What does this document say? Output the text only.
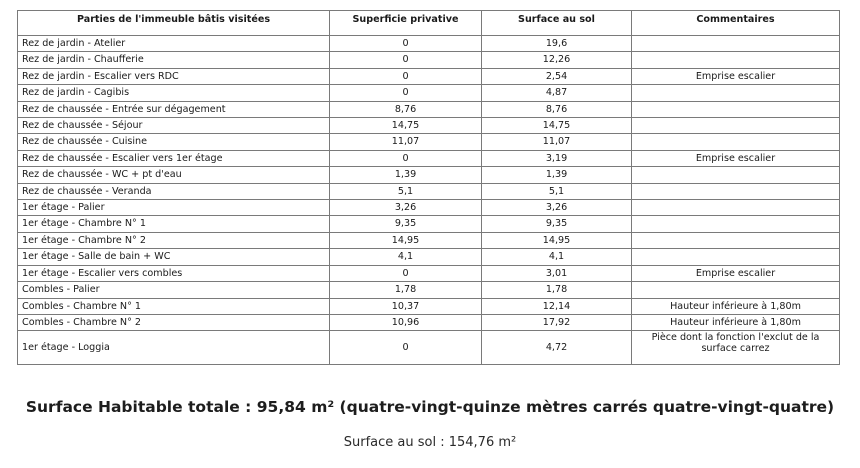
Parties de l'immeuble bâtis visitées	Superficie privative	Surface au sol	Commentaires
Rez de jardin - Atelier	0	19,6	
Rez de jardin - Chaufferie	0	12,26	
Rez de jardin - Escalier vers RDC	0	2,54	Emprise escalier
Rez de jardin - Cagibis	0	4,87	
Rez de chaussée - Entrée sur dégagement	8,76	8,76	
Rez de chaussée - Séjour	14,75	14,75	
Rez de chaussée - Cuisine	11,07	11,07	
Rez de chaussée - Escalier vers 1er étage	0	3,19	Emprise escalier
Rez de chaussée - WC + pt d'eau	1,39	1,39	
Rez de chaussée - Veranda	5,1	5,1	
1er étage - Palier	3,26	3,26	
1er étage - Chambre N° 1	9,35	9,35	
1er étage - Chambre N° 2	14,95	14,95	
1er étage - Salle de bain + WC	4,1	4,1	
1er étage - Escalier vers combles	0	3,01	Emprise escalier
Combles - Palier	1,78	1,78	
Combles - Chambre N° 1	10,37	12,14	Hauteur inférieure à 1,80m
Combles - Chambre N° 2	10,96	17,92	Hauteur inférieure à 1,80m
1er étage - Loggia	0	4,72	Pièce dont la fonction l'exclut de la surface carrez
Surface Habitable totale : 95,84 m² (quatre-vingt-quinze mètres carrés quatre-vingt-quatre)
Surface au sol : 154,76 m²
